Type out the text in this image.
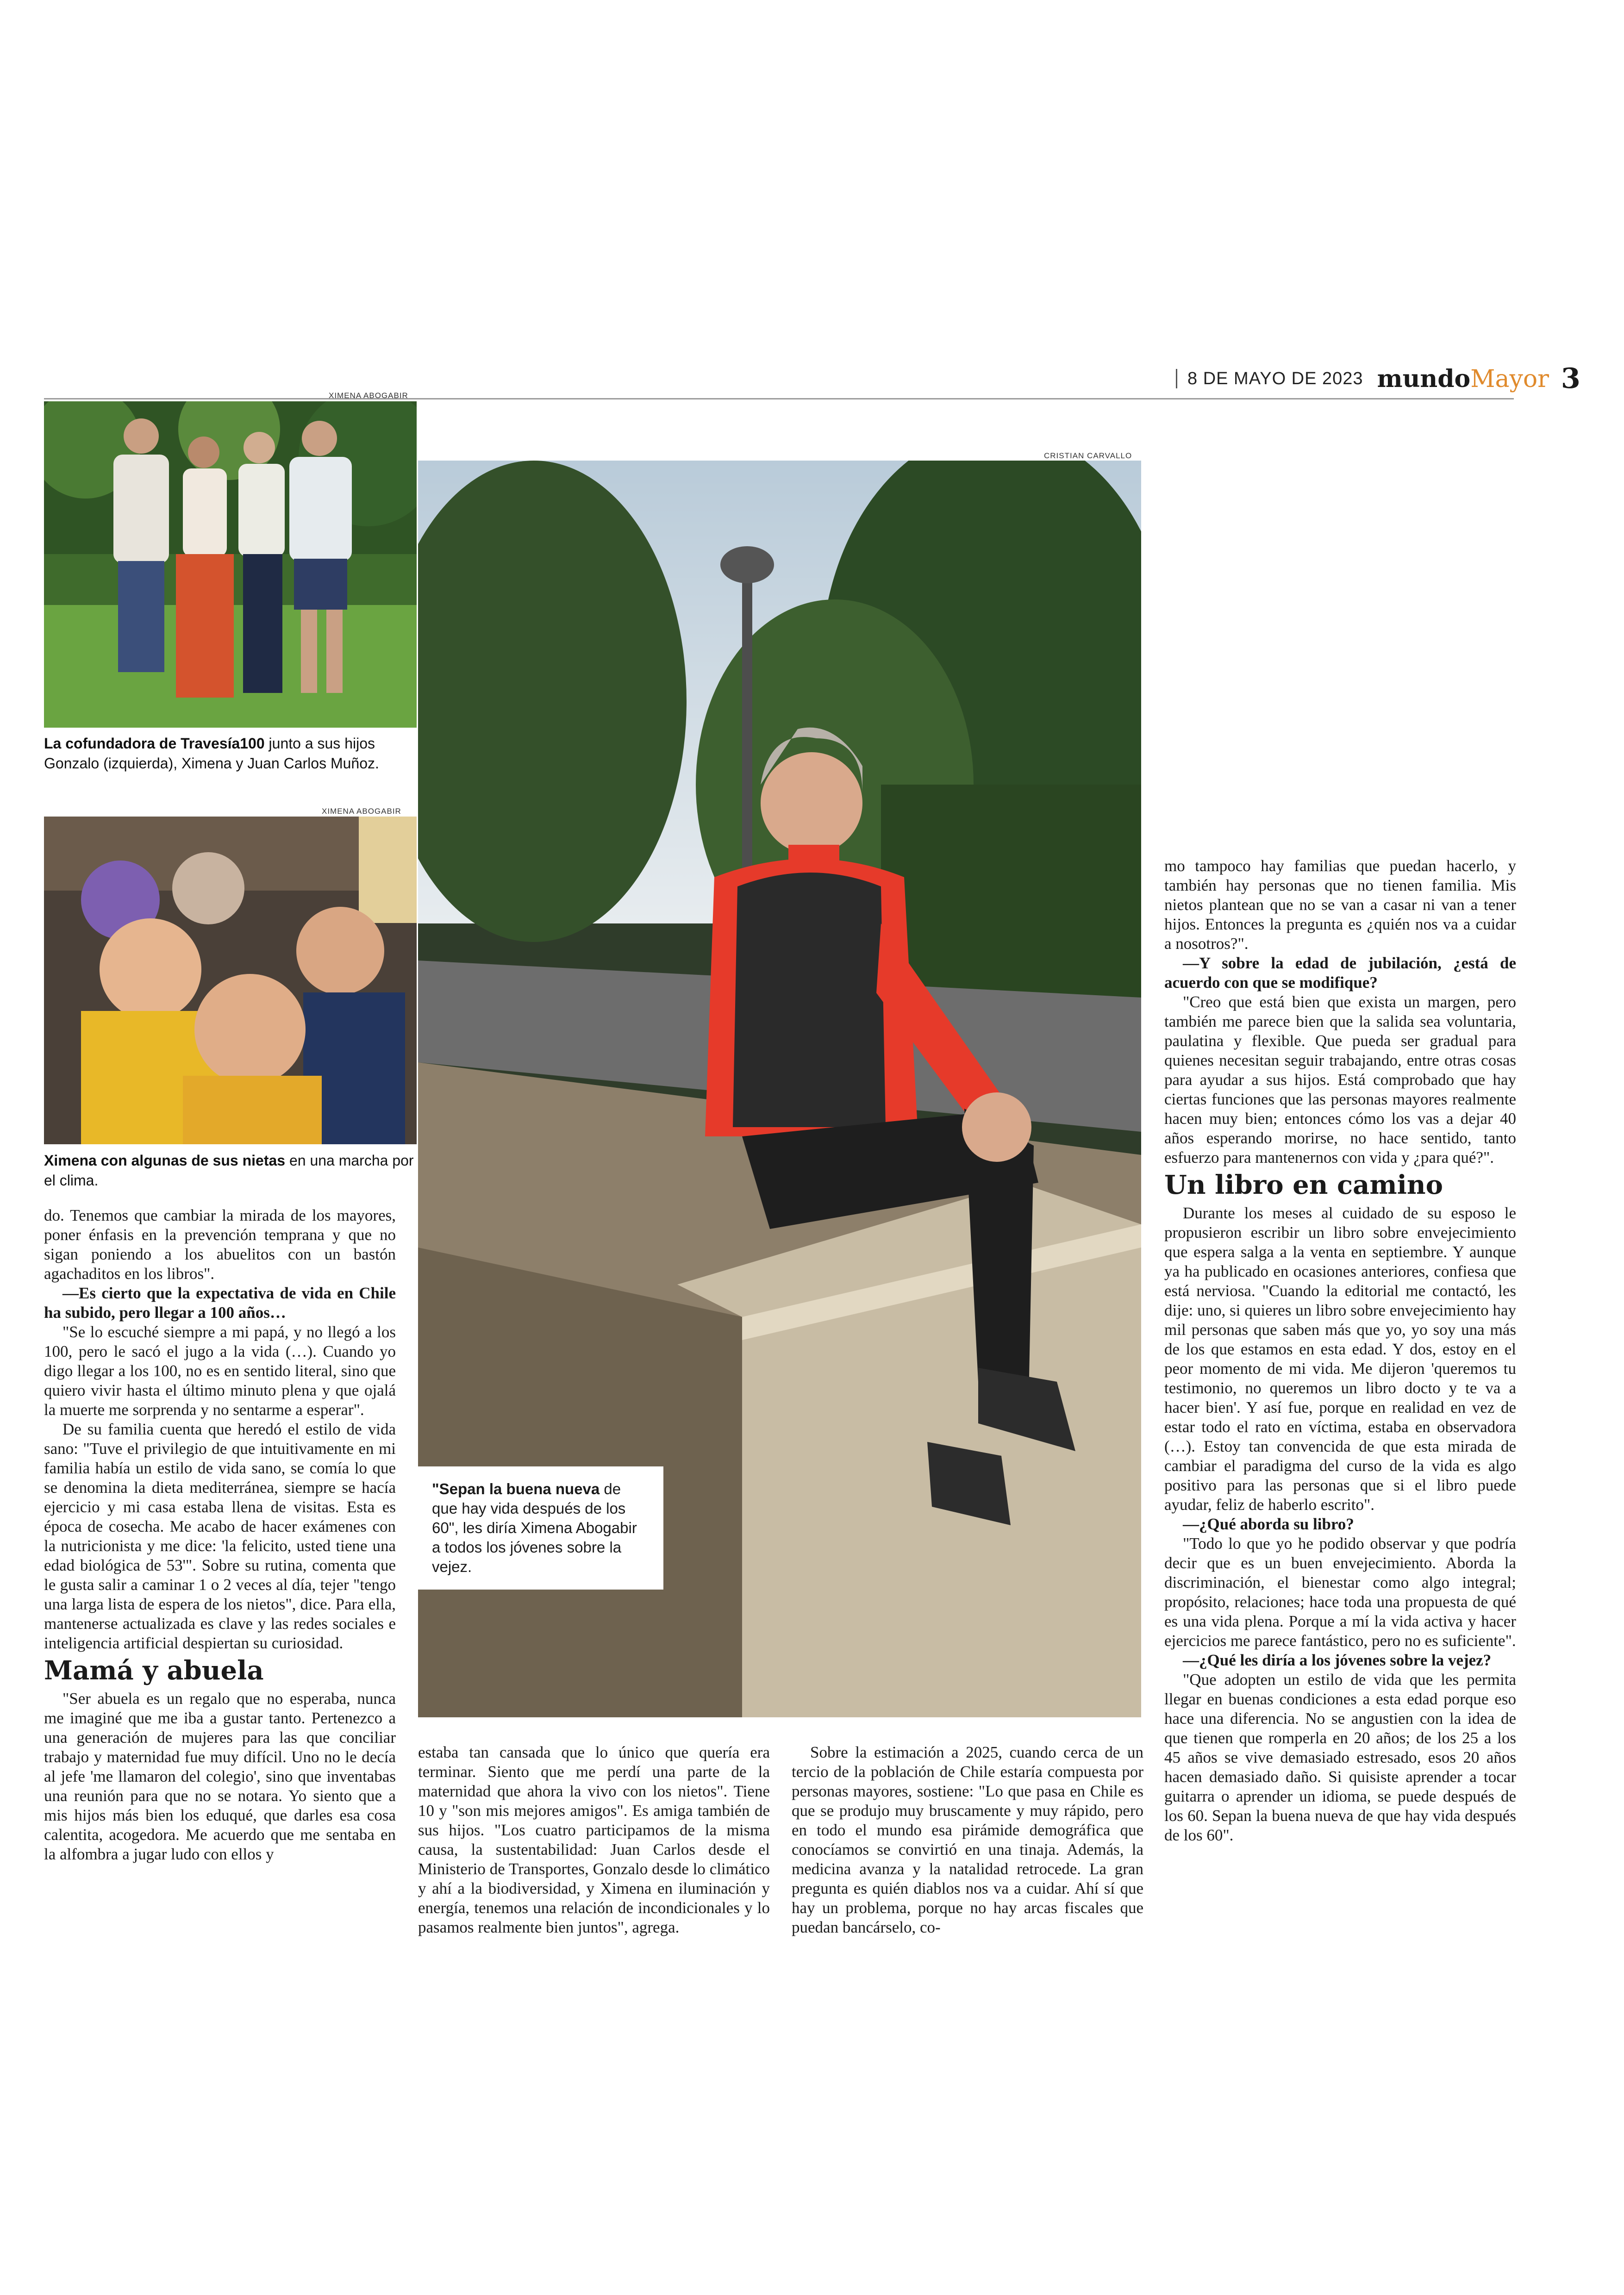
8 DE MAYO DE 2023 mundoMayor 3
XIMENA ABOGABIR
La cofundadora de Travesía100 junto a sus hijos Gonzalo (izquierda), Ximena y Juan Carlos Muñoz.
XIMENA ABOGABIR
Ximena con algunas de sus nietas en una marcha por el clima.
CRISTIAN CARVALLO
"Sepan la buena nueva de que hay vida después de los 60", les diría Ximena Abogabir a todos los jóvenes sobre la vejez.

do. Tenemos que cambiar la mirada de los mayores, poner énfasis en la prevención temprana y que no sigan poniendo a los abuelitos con un bastón agachaditos en los libros".

—Es cierto que la expectativa de vida en Chile ha subido, pero llegar a 100 años…

"Se lo escuché siempre a mi papá, y no llegó a los 100, pero le sacó el jugo a la vida (…). Cuando yo digo llegar a los 100, no es en sentido literal, sino que quiero vivir hasta el último minuto plena y que ojalá la muerte me sorprenda y no sentarme a esperar".

De su familia cuenta que heredó el estilo de vida sano: "Tuve el privilegio de que intuitivamente en mi familia había un estilo de vida sano, se comía lo que se denomina la dieta mediterránea, siempre se hacía ejercicio y mi casa estaba llena de visitas. Esta es época de cosecha. Me acabo de hacer exámenes con la nutricionista y me dice: 'la felicito, usted tiene una edad biológica de 53'". Sobre su rutina, comenta que le gusta salir a caminar 1 o 2 veces al día, tejer "tengo una larga lista de espera de los nietos", dice. Para ella, mantenerse actualizada es clave y las redes sociales e inteligencia artificial despiertan su curiosidad.

Mamá y abuela

"Ser abuela es un regalo que no esperaba, nunca me imaginé que me iba a gustar tanto. Pertenezco a una generación de mujeres para las que conciliar trabajo y maternidad fue muy difícil. Uno no le decía al jefe 'me llamaron del colegio', sino que inventabas una reunión para que no se notara. Yo siento que a mis hijos más bien los eduqué, que darles esa cosa calentita, acogedora. Me acuerdo que me sentaba en la alfombra a jugar ludo con ellos y

estaba tan cansada que lo único que quería era terminar. Siento que me perdí una parte de la maternidad que ahora la vivo con los nietos". Tiene 10 y "son mis mejores amigos". Es amiga también de sus hijos. "Los cuatro participamos de la misma causa, la sustentabilidad: Juan Carlos desde el Ministerio de Transportes, Gonzalo desde lo climático y ahí a la biodiversidad, y Ximena en iluminación y energía, tenemos una relación de incondicionales y lo pasamos realmente bien juntos", agrega.

Sobre la estimación a 2025, cuando cerca de un tercio de la población de Chile estaría compuesta por personas mayores, sostiene: "Lo que pasa en Chile es que se produjo muy bruscamente y muy rápido, pero en todo el mundo esa pirámide demográfica que conocíamos se convirtió en una tinaja. Además, la medicina avanza y la natalidad retrocede. La gran pregunta es quién diablos nos va a cuidar. Ahí sí que hay un problema, porque no hay arcas fiscales que puedan bancárselo, co-

mo tampoco hay familias que puedan hacerlo, y también hay personas que no tienen familia. Mis nietos plantean que no se van a casar ni van a tener hijos. Entonces la pregunta es ¿quién nos va a cuidar a nosotros?".

—Y sobre la edad de jubilación, ¿está de acuerdo con que se modifique?

"Creo que está bien que exista un margen, pero también me parece bien que la salida sea voluntaria, paulatina y flexible. Que pueda ser gradual para quienes necesitan seguir trabajando, entre otras cosas para ayudar a sus hijos. Está comprobado que hay ciertas funciones que las personas mayores realmente hacen muy bien; entonces cómo los vas a dejar 40 años esperando morirse, no hace sentido, tanto esfuerzo para mantenernos con vida y ¿para qué?".

Un libro en camino

Durante los meses al cuidado de su esposo le propusieron escribir un libro sobre envejecimiento que espera salga a la venta en septiembre. Y aunque ya ha publicado en ocasiones anteriores, confiesa que está nerviosa. "Cuando la editorial me contactó, les dije: uno, si quieres un libro sobre envejecimiento hay mil personas que saben más que yo, yo soy una más de los que estamos en esta edad. Y dos, estoy en el peor momento de mi vida. Me dijeron 'queremos tu testimonio, no queremos un libro docto y te va a hacer bien'. Y así fue, porque en realidad en vez de estar todo el rato en víctima, estaba en observadora (…). Estoy tan convencida de que esta mirada de cambiar el paradigma del curso de la vida es algo positivo para las personas que si el libro puede ayudar, feliz de haberlo escrito".

—¿Qué aborda su libro?

"Todo lo que yo he podido observar y que podría decir que es un buen envejecimiento. Aborda la discriminación, el bienestar como algo integral; propósito, relaciones; hace toda una propuesta de qué es una vida plena. Porque a mí la vida activa y hacer ejercicios me parece fantástico, pero no es suficiente".

—¿Qué les diría a los jóvenes sobre la vejez?

"Que adopten un estilo de vida que les permita llegar en buenas condiciones a esta edad porque eso hace una diferencia. No se angustien con la idea de que tienen que romperla en 20 años; de los 25 a los 45 años se vive demasiado estresado, esos 20 años hacen demasiado daño. Si quisiste aprender a tocar guitarra o aprender un idioma, se puede después de los 60. Sepan la buena nueva de que hay vida después de los 60".
